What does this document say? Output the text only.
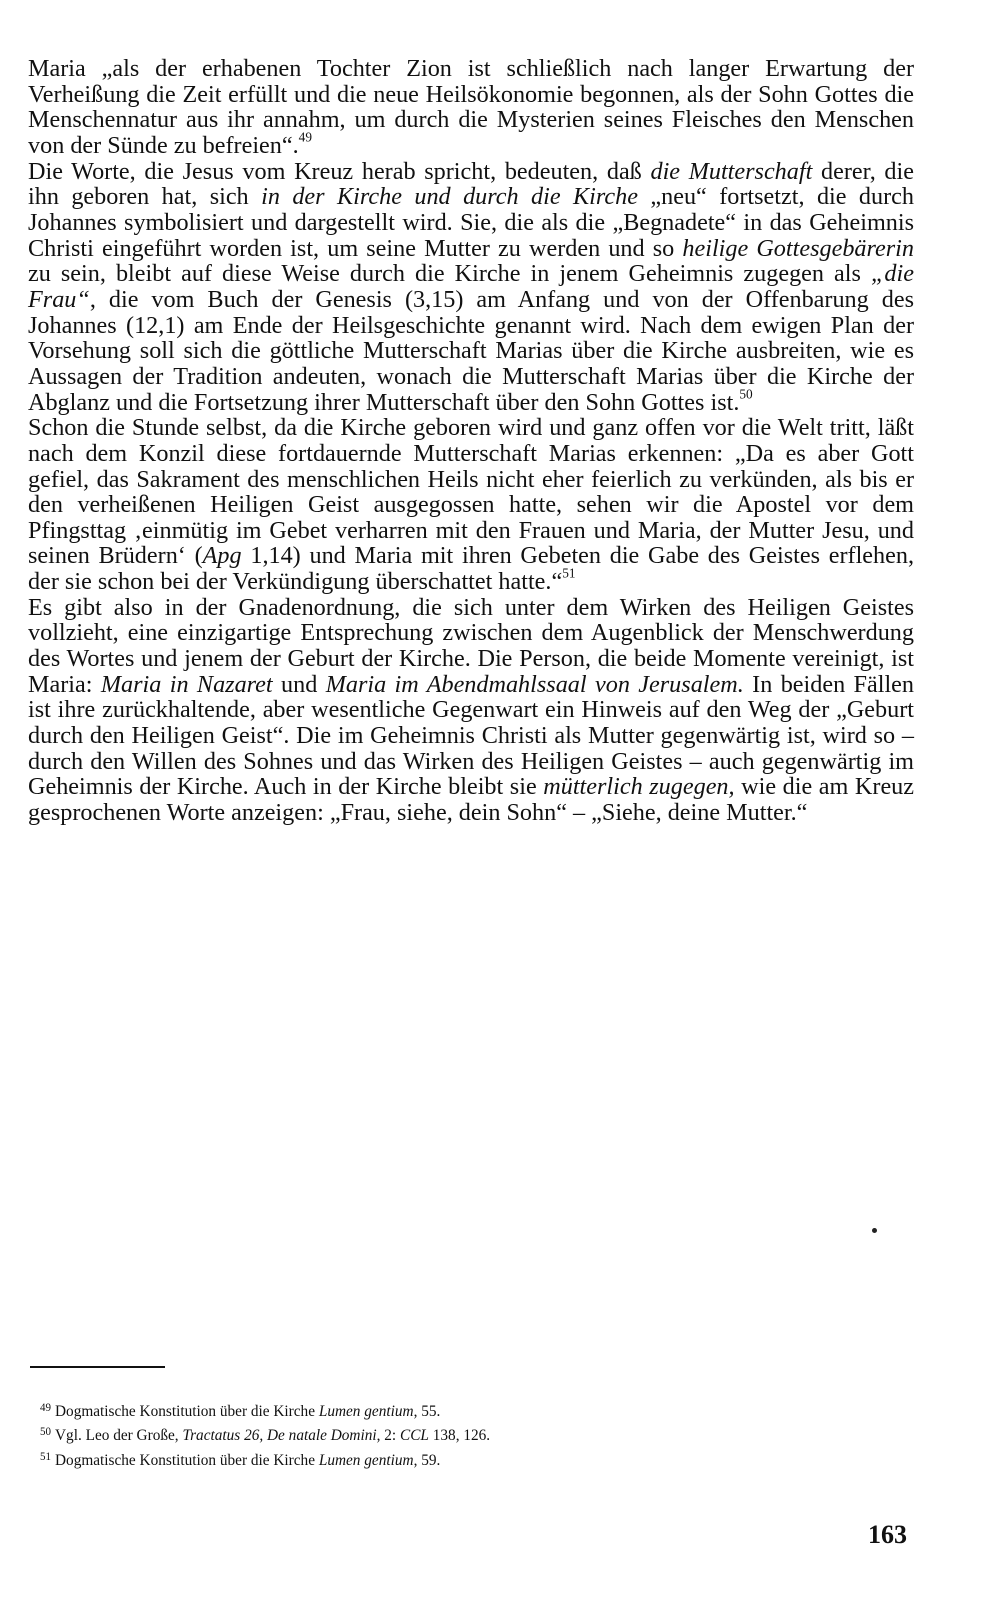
Maria „als der erhabenen Tochter Zion ist schließlich nach langer Erwartung der Verheißung die Zeit erfüllt und die neue Heilsökonomie begonnen, als der Sohn Gottes die Menschennatur aus ihr annahm, um durch die Mysterien seines Fleisches den Menschen von der Sünde zu befreien“.$^{49}$

Die Worte, die Jesus vom Kreuz herab spricht, bedeuten, daß die Mutterschaft derer, die ihn geboren hat, sich in der Kirche und durch die Kirche „neu“ fortsetzt, die durch Johannes symbolisiert und dargestellt wird. Sie, die als die „Begnadete“ in das Geheimnis Christi eingeführt worden ist, um seine Mutter zu werden und so heilige Gottesgebärerin zu sein, bleibt auf diese Weise durch die Kirche in jenem Geheimnis zugegen als „die Frau“, die vom Buch der Genesis (3,15) am Anfang und von der Offenbarung des Johannes (12,1) am Ende der Heilsgeschichte genannt wird. Nach dem ewigen Plan der Vorsehung soll sich die göttliche Mutterschaft Marias über die Kirche ausbreiten, wie es Aussagen der Tradition andeuten, wonach die Mutterschaft Marias über die Kirche der Abglanz und die Fortsetzung ihrer Mutterschaft über den Sohn Gottes ist.$^{50}$

Schon die Stunde selbst, da die Kirche geboren wird und ganz offen vor die Welt tritt, läßt nach dem Konzil diese fortdauernde Mutterschaft Marias erkennen: „Da es aber Gott gefiel, das Sakrament des menschlichen Heils nicht eher feierlich zu verkünden, als bis er den verheißenen Heiligen Geist ausgegossen hatte, sehen wir die Apostel vor dem Pfingsttag ‚einmütig im Gebet verharren mit den Frauen und Maria, der Mutter Jesu, und seinen Brüdern‘ (Apg 1,14) und Maria mit ihren Gebeten die Gabe des Geistes erflehen, der sie schon bei der Verkündigung überschattet hatte.“$^{51}$

Es gibt also in der Gnadenordnung, die sich unter dem Wirken des Heiligen Geistes vollzieht, eine einzigartige Entsprechung zwischen dem Augenblick der Menschwerdung des Wortes und jenem der Geburt der Kirche. Die Person, die beide Momente vereinigt, ist Maria: Maria in Nazaret und Maria im Abendmahlssaal von Jerusalem. In beiden Fällen ist ihre zurückhaltende, aber wesentliche Gegenwart ein Hinweis auf den Weg der „Geburt durch den Heiligen Geist“. Die im Geheimnis Christi als Mutter gegenwärtig ist, wird so – durch den Willen des Sohnes und das Wirken des Heiligen Geistes – auch gegenwärtig im Geheimnis der Kirche. Auch in der Kirche bleibt sie mütterlich zugegen, wie die am Kreuz gesprochenen Worte anzeigen: „Frau, siehe, dein Sohn“ – „Siehe, deine Mutter.“

$^{49}$ Dogmatische Konstitution über die Kirche Lumen gentium, 55.
$^{50}$ Vgl. Leo der Große, Tractatus 26, De natale Domini, 2: CCL 138, 126.
$^{51}$ Dogmatische Konstitution über die Kirche Lumen gentium, 59.
163
